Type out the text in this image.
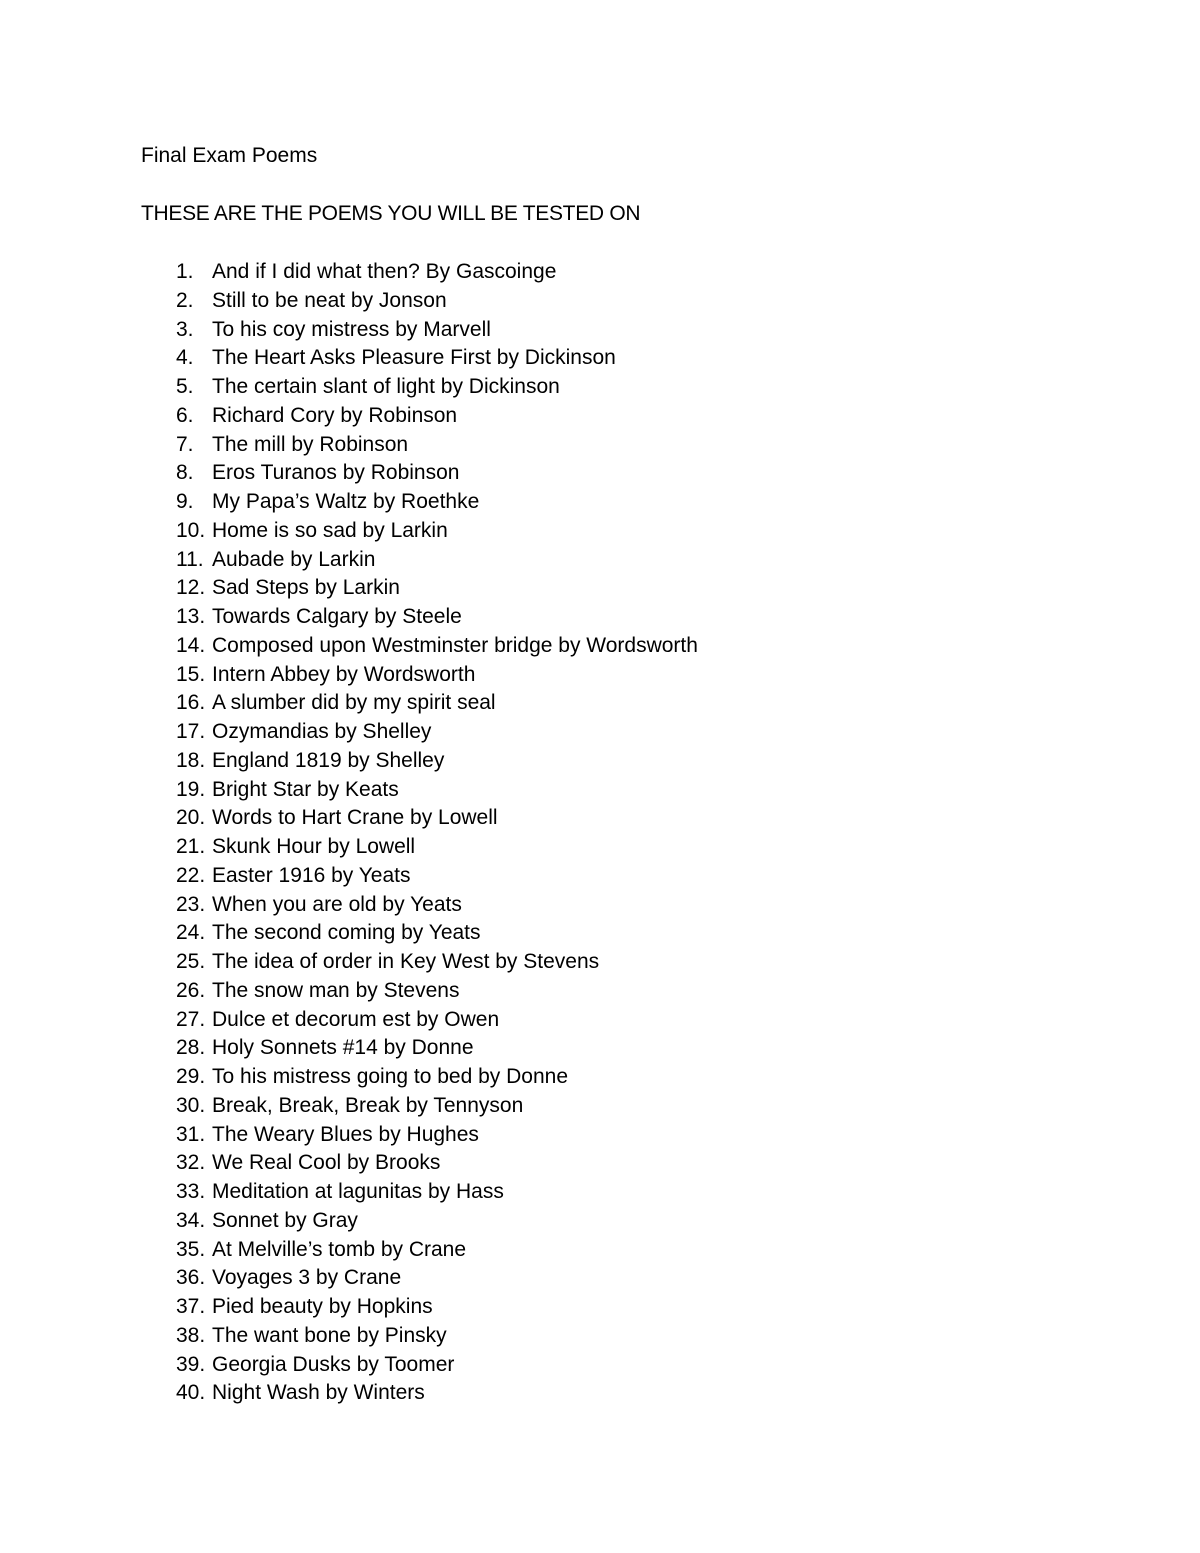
Final Exam Poems
THESE ARE THE POEMS YOU WILL BE TESTED ON
1. And if I did what then? By Gascoinge
2. Still to be neat by Jonson
3. To his coy mistress by Marvell
4. The Heart Asks Pleasure First by Dickinson
5. The certain slant of light by Dickinson
6. Richard Cory by Robinson
7. The mill by Robinson
8. Eros Turanos by Robinson
9. My Papa’s Waltz by Roethke
10. Home is so sad by Larkin
11. Aubade by Larkin
12. Sad Steps by Larkin
13. Towards Calgary by Steele
14. Composed upon Westminster bridge by Wordsworth
15. Intern Abbey by Wordsworth
16. A slumber did by my spirit seal
17. Ozymandias by Shelley
18. England 1819 by Shelley
19. Bright Star by Keats
20. Words to Hart Crane by Lowell
21. Skunk Hour by Lowell
22. Easter 1916 by Yeats
23. When you are old by Yeats
24. The second coming by Yeats
25. The idea of order in Key West by Stevens
26. The snow man by Stevens
27. Dulce et decorum est by Owen
28. Holy Sonnets #14 by Donne
29. To his mistress going to bed by Donne
30. Break, Break, Break by Tennyson
31. The Weary Blues by Hughes
32. We Real Cool by Brooks
33. Meditation at lagunitas by Hass
34. Sonnet by Gray
35. At Melville’s tomb by Crane
36. Voyages 3 by Crane
37. Pied beauty by Hopkins
38. The want bone by Pinsky
39. Georgia Dusks by Toomer
40. Night Wash by Winters
